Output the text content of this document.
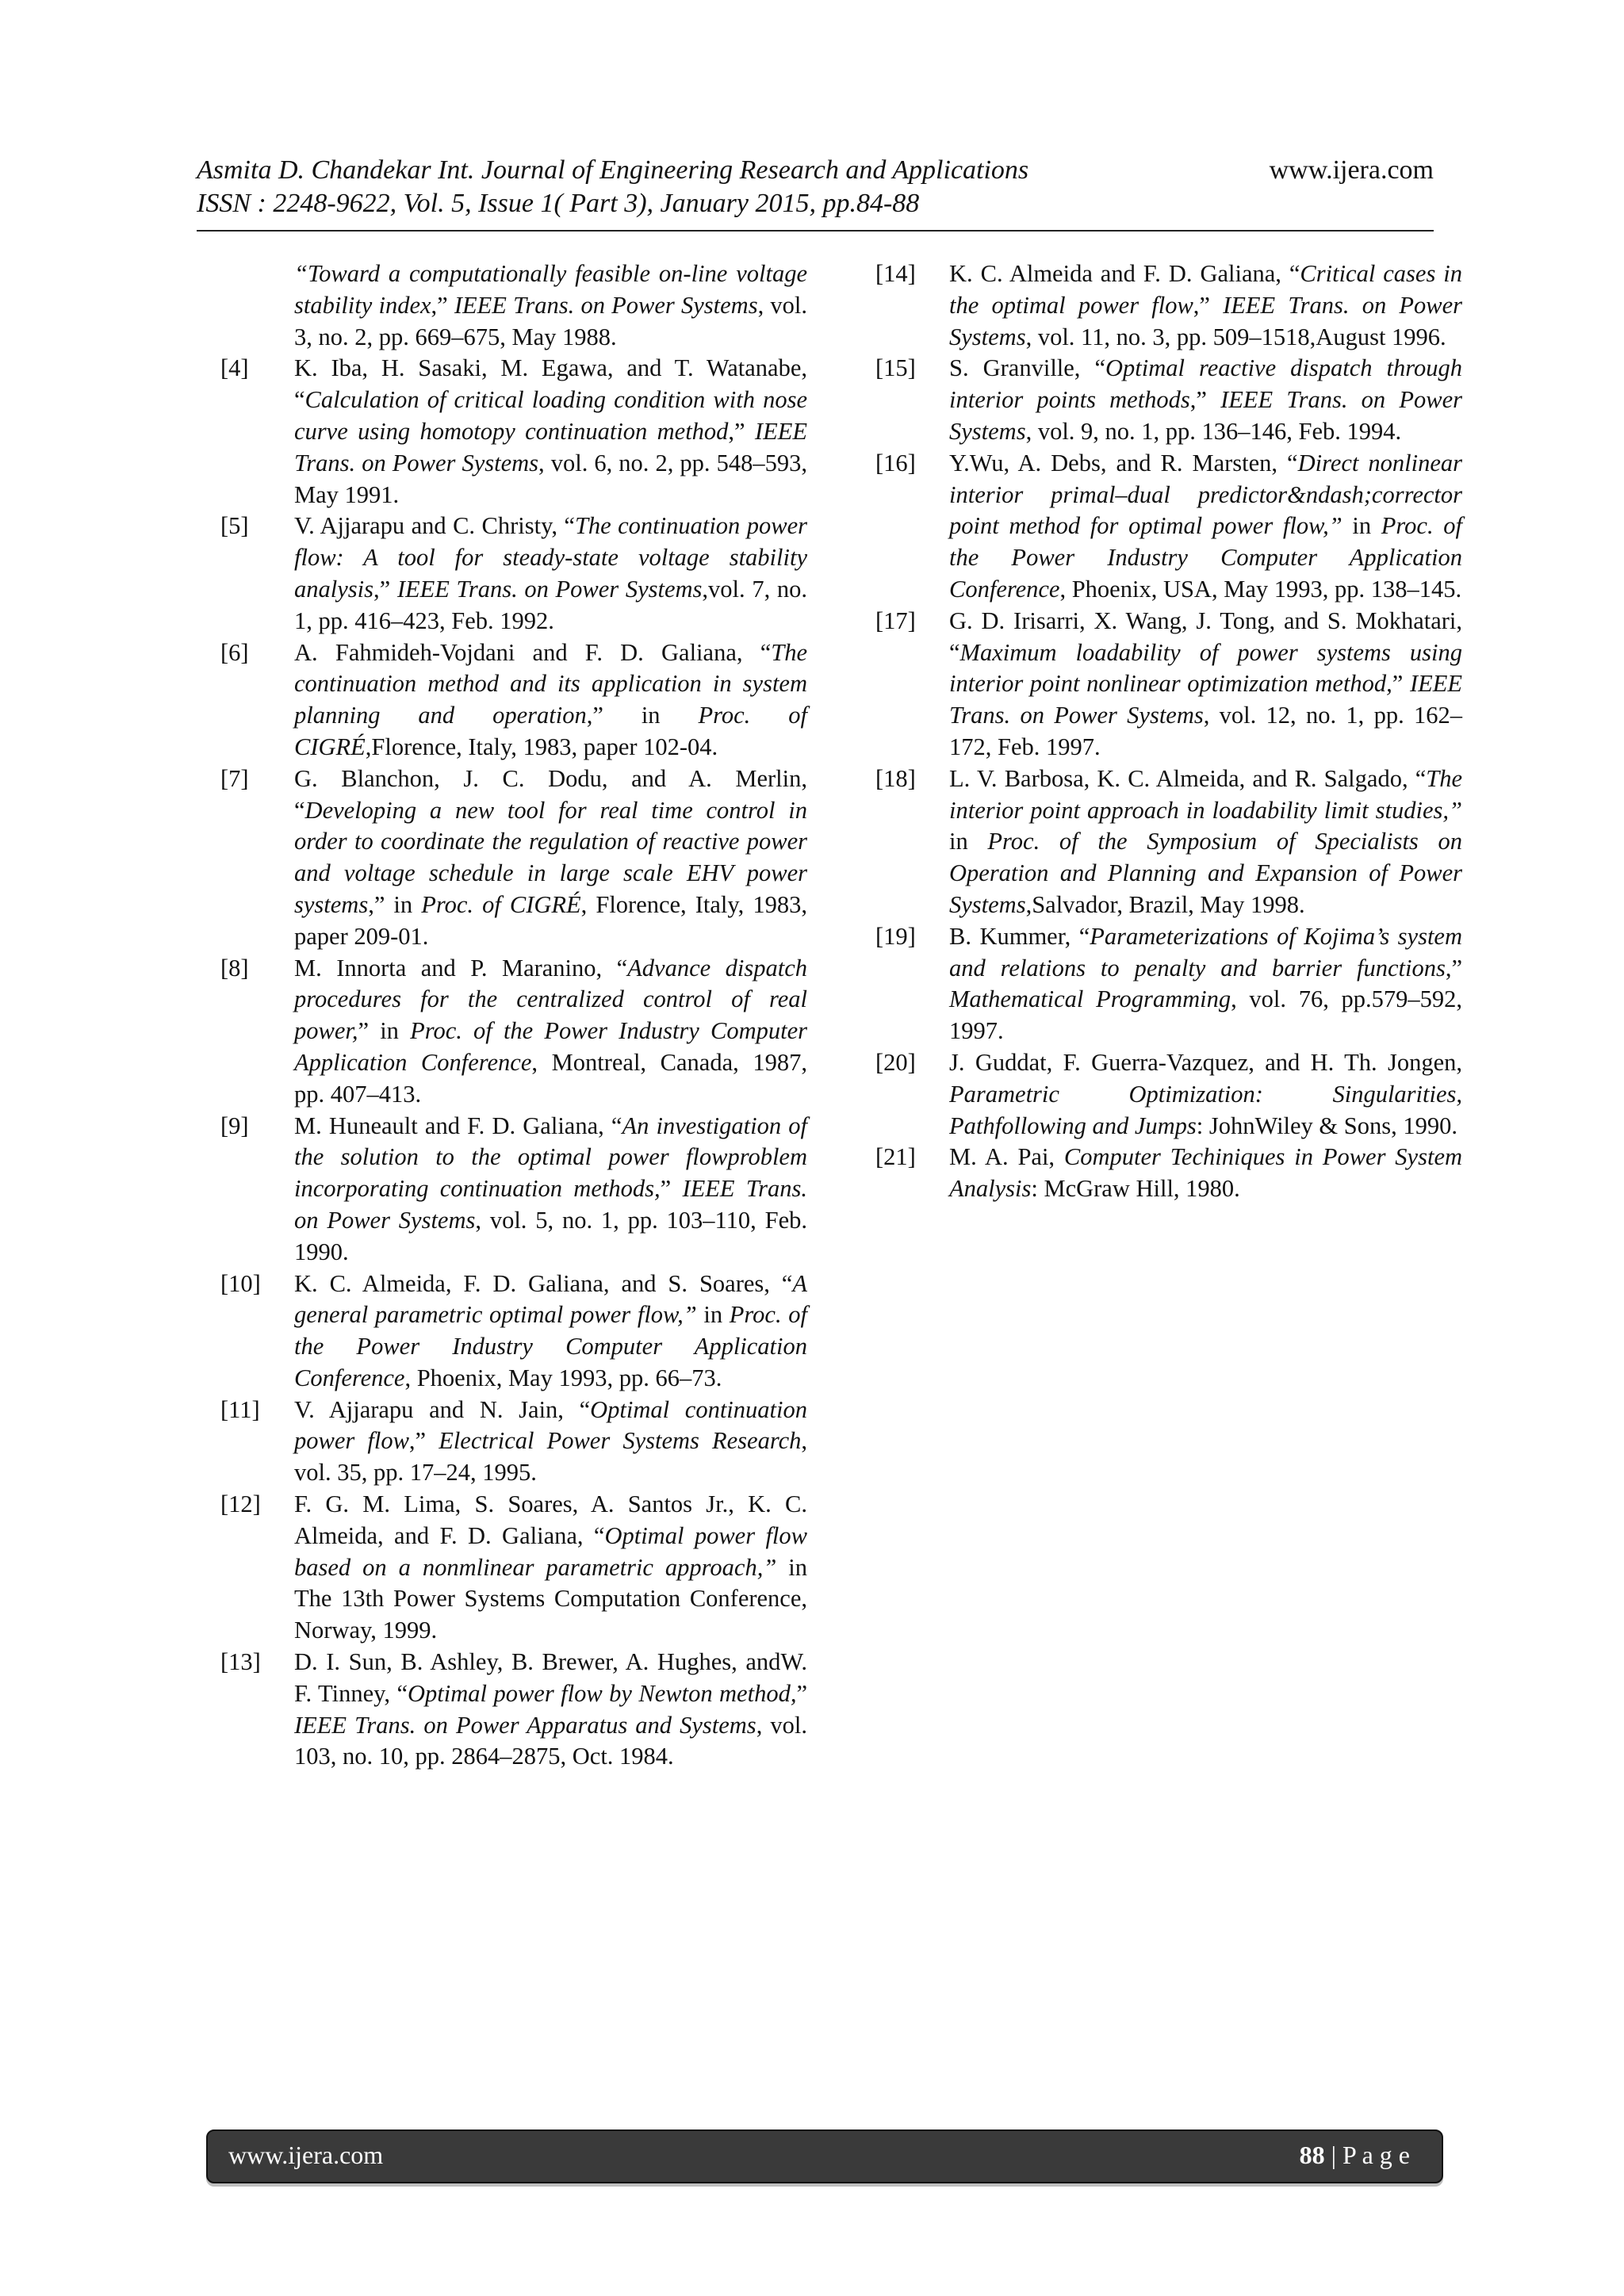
Asmita D. Chandekar Int. Journal of Engineering Research and Applications
ISSN : 2248-9622, Vol. 5, Issue 1( Part 3), January 2015, pp.84-88
www.ijera.com
“Toward a computationally feasible on-line voltage stability index,” IEEE Trans. on Power Systems, vol. 3, no. 2, pp. 669–675, May 1988.
[4]	K. Iba, H. Sasaki, M. Egawa, and T. Watanabe, “Calculation of critical loading condition with nose curve using homotopy continuation method,” IEEE Trans. on Power Systems, vol. 6, no. 2, pp. 548–593, May 1991.
[5]	V. Ajjarapu and C. Christy, “The continuation power flow: A tool for steady-state voltage stability analysis,” IEEE Trans. on Power Systems,vol. 7, no. 1, pp. 416–423, Feb. 1992.
[6]	A. Fahmideh-Vojdani and F. D. Galiana, “The continuation method and its application in system planning and operation,” in Proc. of CIGRÉ,Florence, Italy, 1983, paper 102-04.
[7]	G. Blanchon, J. C. Dodu, and A. Merlin, “Developing a new tool for real time control in order to coordinate the regulation of reactive power and voltage schedule in large scale EHV power systems,” in Proc. of CIGRÉ, Florence, Italy, 1983, paper 209-01.
[8]	M. Innorta and P. Maranino, “Advance dispatch procedures for the centralized control of real power,” in Proc. of the Power Industry Computer Application Conference, Montreal, Canada, 1987, pp. 407–413.
[9]	M. Huneault and F. D. Galiana, “An investigation of the solution to the optimal power flowproblem incorporating continuation methods,” IEEE Trans. on Power Systems, vol. 5, no. 1, pp. 103–110, Feb. 1990.
[10]	K. C. Almeida, F. D. Galiana, and S. Soares, “A general parametric optimal power flow,” in Proc. of the Power Industry Computer Application Conference, Phoenix, May 1993, pp. 66–73.
[11]	V. Ajjarapu and N. Jain, “Optimal continuation power flow,” Electrical Power Systems Research, vol. 35, pp. 17–24, 1995.
[12]	F. G. M. Lima, S. Soares, A. Santos Jr., K. C. Almeida, and F. D. Galiana, “Optimal power flow based on a nonmlinear parametric approach,” in The 13th Power Systems Computation Conference, Norway, 1999.
[13]	D. I. Sun, B. Ashley, B. Brewer, A. Hughes, andW. F. Tinney, “Optimal power flow by Newton method,” IEEE Trans. on Power Apparatus and Systems, vol. 103, no. 10, pp. 2864–2875, Oct. 1984.
[14]	K. C. Almeida and F. D. Galiana, “Critical cases in the optimal power flow,” IEEE Trans. on Power Systems, vol. 11, no. 3, pp. 509–1518,August 1996.
[15]	S. Granville, “Optimal reactive dispatch through interior points methods,” IEEE Trans. on Power Systems, vol. 9, no. 1, pp. 136–146, Feb. 1994.
[16]	Y.Wu, A. Debs, and R. Marsten, “Direct nonlinear interior primal–dual predictor&ndash;corrector point method for optimal power flow,” in Proc. of the Power Industry Computer Application Conference, Phoenix, USA, May 1993, pp. 138–145.
[17]	G. D. Irisarri, X. Wang, J. Tong, and S. Mokhatari, “Maximum loadability of power systems using interior point nonlinear optimization method,” IEEE Trans. on Power Systems, vol. 12, no. 1, pp. 162–172, Feb. 1997.
[18]	L. V. Barbosa, K. C. Almeida, and R. Salgado, “The interior point approach in loadability limit studies,” in Proc. of the Symposium of Specialists on Operation and Planning and Expansion of Power Systems,Salvador, Brazil, May 1998.
[19]	B. Kummer, “Parameterizations of Kojima’s system and relations to penalty and barrier functions,” Mathematical Programming, vol. 76, pp.579–592, 1997.
[20]	J. Guddat, F. Guerra-Vazquez, and H. Th. Jongen, Parametric Optimization: Singularities, Pathfollowing and Jumps: JohnWiley & Sons, 1990.
[21]	M. A. Pai, Computer Techiniques in Power System Analysis: McGraw Hill, 1980.
www.ijera.com	88 | P a g e
